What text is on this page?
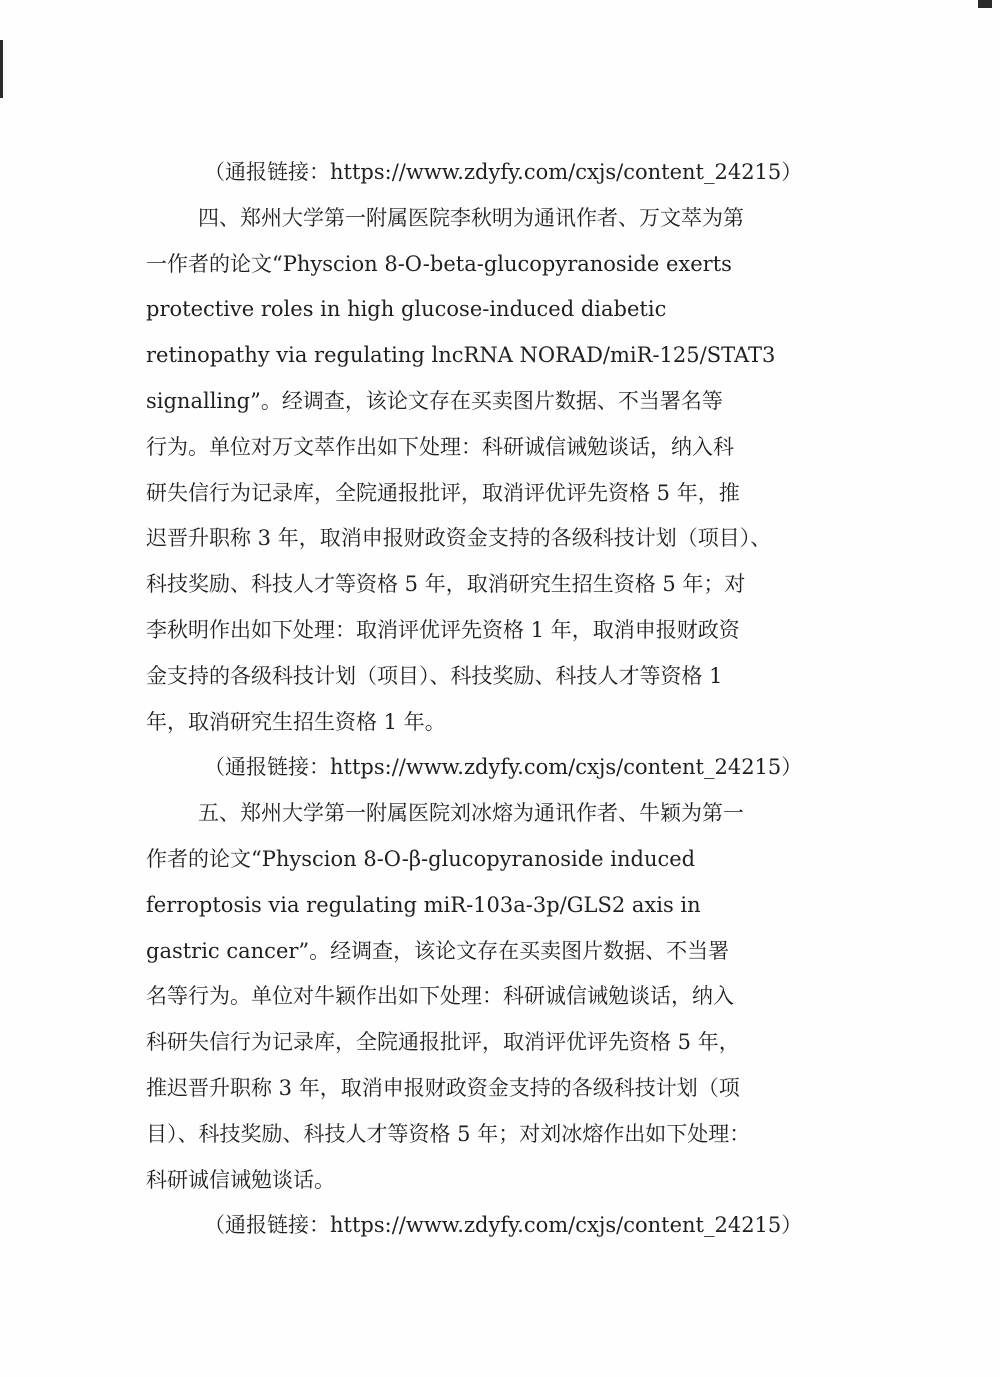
（通报链接：https://www.zdyfy.com/cxjs/content_24215）
四、郑州大学第一附属医院李秋明为通讯作者、万文萃为第
一作者的论文“Physcion 8-O-beta-glucopyranoside exerts
protective roles in high glucose-induced diabetic
retinopathy via regulating lncRNA NORAD/miR-125/STAT3
signalling”。经调查，该论文存在买卖图片数据、不当署名等
行为。单位对万文萃作出如下处理：科研诚信诫勉谈话，纳入科
研失信行为记录库，全院通报批评，取消评优评先资格 5 年，推
迟晋升职称 3 年，取消申报财政资金支持的各级科技计划（项目）、
科技奖励、科技人才等资格 5 年，取消研究生招生资格 5 年；对
李秋明作出如下处理：取消评优评先资格 1 年，取消申报财政资
金支持的各级科技计划（项目）、科技奖励、科技人才等资格 1
年，取消研究生招生资格 1 年。
（通报链接：https://www.zdyfy.com/cxjs/content_24215）
五、郑州大学第一附属医院刘冰熔为通讯作者、牛颖为第一
作者的论文“Physcion 8-O-β-glucopyranoside induced
ferroptosis via regulating miR-103a-3p/GLS2 axis in
gastric cancer”。经调查，该论文存在买卖图片数据、不当署
名等行为。单位对牛颖作出如下处理：科研诚信诫勉谈话，纳入
科研失信行为记录库，全院通报批评，取消评优评先资格 5 年，
推迟晋升职称 3 年，取消申报财政资金支持的各级科技计划（项
目）、科技奖励、科技人才等资格 5 年；对刘冰熔作出如下处理：
科研诚信诫勉谈话。
（通报链接：https://www.zdyfy.com/cxjs/content_24215）
